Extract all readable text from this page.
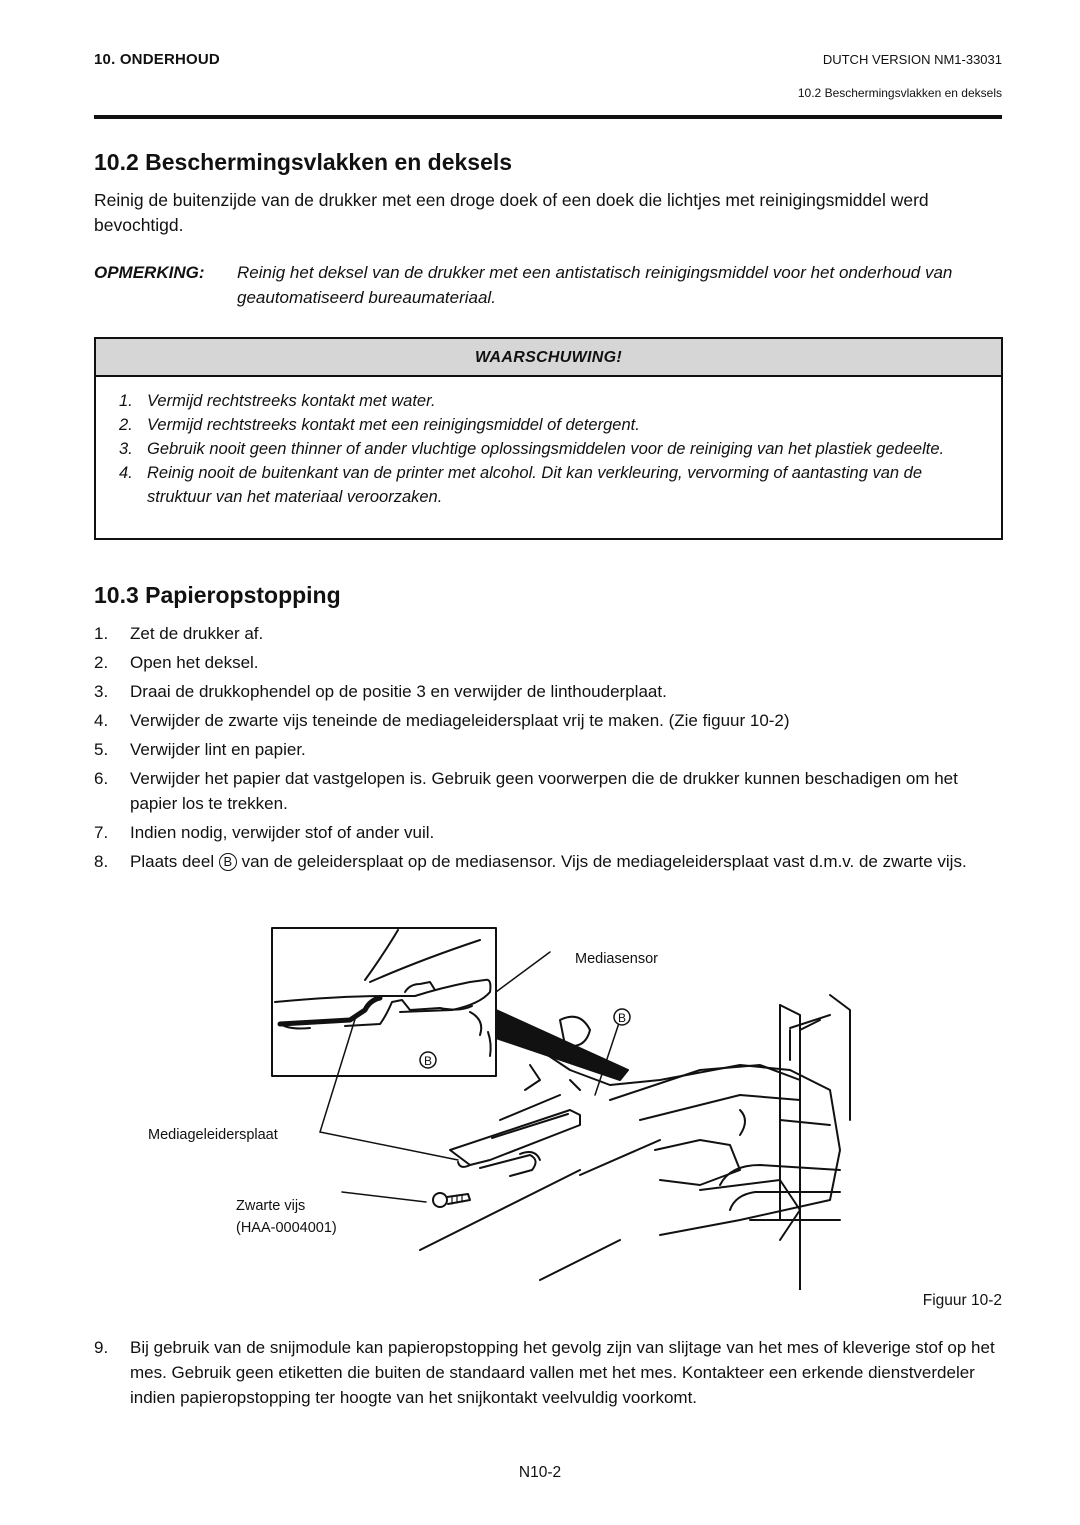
10. ONDERHOUD	DUTCH VERSION NM1-33031
10.2 Beschermingsvlakken en deksels
10.2 Beschermingsvlakken en deksels
Reinig de buitenzijde van de drukker met een droge doek of een doek die lichtjes met reinigingsmiddel werd bevochtigd.
OPMERKING: Reinig het deksel van de drukker met een antistatisch reinigingsmiddel voor het onderhoud van geautomatiseerd bureaumateriaal.
WAARSCHUWING!
1. Vermijd rechtstreeks kontakt met water.
2. Vermijd rechtstreeks kontakt met een reinigingsmiddel of detergent.
3. Gebruik nooit geen thinner of ander vluchtige oplossingsmiddelen voor de reiniging van het plastiek gedeelte.
4. Reinig nooit de buitenkant van de printer met alcohol. Dit kan verkleuring, vervorming of aantasting van de struktuur van het materiaal veroorzaken.
10.3 Papieropstopping
1. Zet de drukker af.
2. Open het deksel.
3. Draai de drukkophendel op de positie 3 en verwijder de linthouderplaat.
4. Verwijder de zwarte vijs teneinde de mediageleidersplaat vrij te maken. (Zie figuur 10-2)
5. Verwijder lint en papier.
6. Verwijder het papier dat vastgelopen is. Gebruik geen voorwerpen die de drukker kunnen beschadigen om het papier los te trekken.
7. Indien nodig, verwijder stof of ander vuil.
8. Plaats deel B van de geleidersplaat op de mediasensor. Vijs de mediageleidersplaat vast d.m.v. de zwarte vijs.
B
B
Mediasensor
Mediageleidersplaat
Zwarte vijs
(HAA-0004001)
Figuur 10-2
9. Bij gebruik van de snijmodule kan papieropstopping het gevolg zijn van slijtage van het mes of kleverige stof op het mes. Gebruik geen etiketten die buiten de standaard vallen met het mes. Kontakteer een erkende dienstverdeler indien papieropstopping ter hoogte van het snijkontakt veelvuldig voorkomt.
N10-2
